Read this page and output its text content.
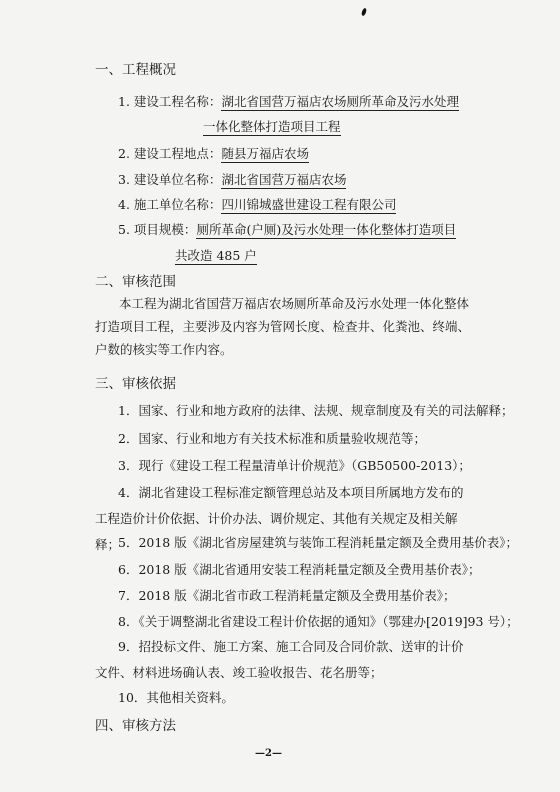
一、工程概况
1. 建设工程名称：湖北省国营万福店农场厕所革命及污水处理
一体化整体打造项目工程
2. 建设工程地点：随县万福店农场
3. 建设单位名称：湖北省国营万福店农场
4. 施工单位名称：四川锦城盛世建设工程有限公司
5. 项目规模：厕所革命(户厕)及污水处理一体化整体打造项目
共改造 485 户
二、审核范围
本工程为湖北省国营万福店农场厕所革命及污水处理一体化整体打造项目工程，主要涉及内容为管网长度、检查井、化粪池、终端、户数的核实等工作内容。
三、审核依据
1．国家、行业和地方政府的法律、法规、规章制度及有关的司法解释；
2．国家、行业和地方有关技术标准和质量验收规范等；
3．现行《建设工程工程量清单计价规范》（GB50500-2013）；
4．湖北省建设工程标准定额管理总站及本项目所属地方发布的工程造价计价依据、计价办法、调价规定、其他有关规定及相关解释；
5．2018 版《湖北省房屋建筑与装饰工程消耗量定额及全费用基价表》；
6．2018 版《湖北省通用安装工程消耗量定额及全费用基价表》；
7．2018 版《湖北省市政工程消耗量定额及全费用基价表》；
8．《关于调整湖北省建设工程计价依据的通知》（鄂建办[2019]93 号）；
9．招投标文件、施工方案、施工合同及合同价款、送审的计价文件、材料进场确认表、竣工验收报告、花名册等；
10．其他相关资料。
四、审核方法
—2—
